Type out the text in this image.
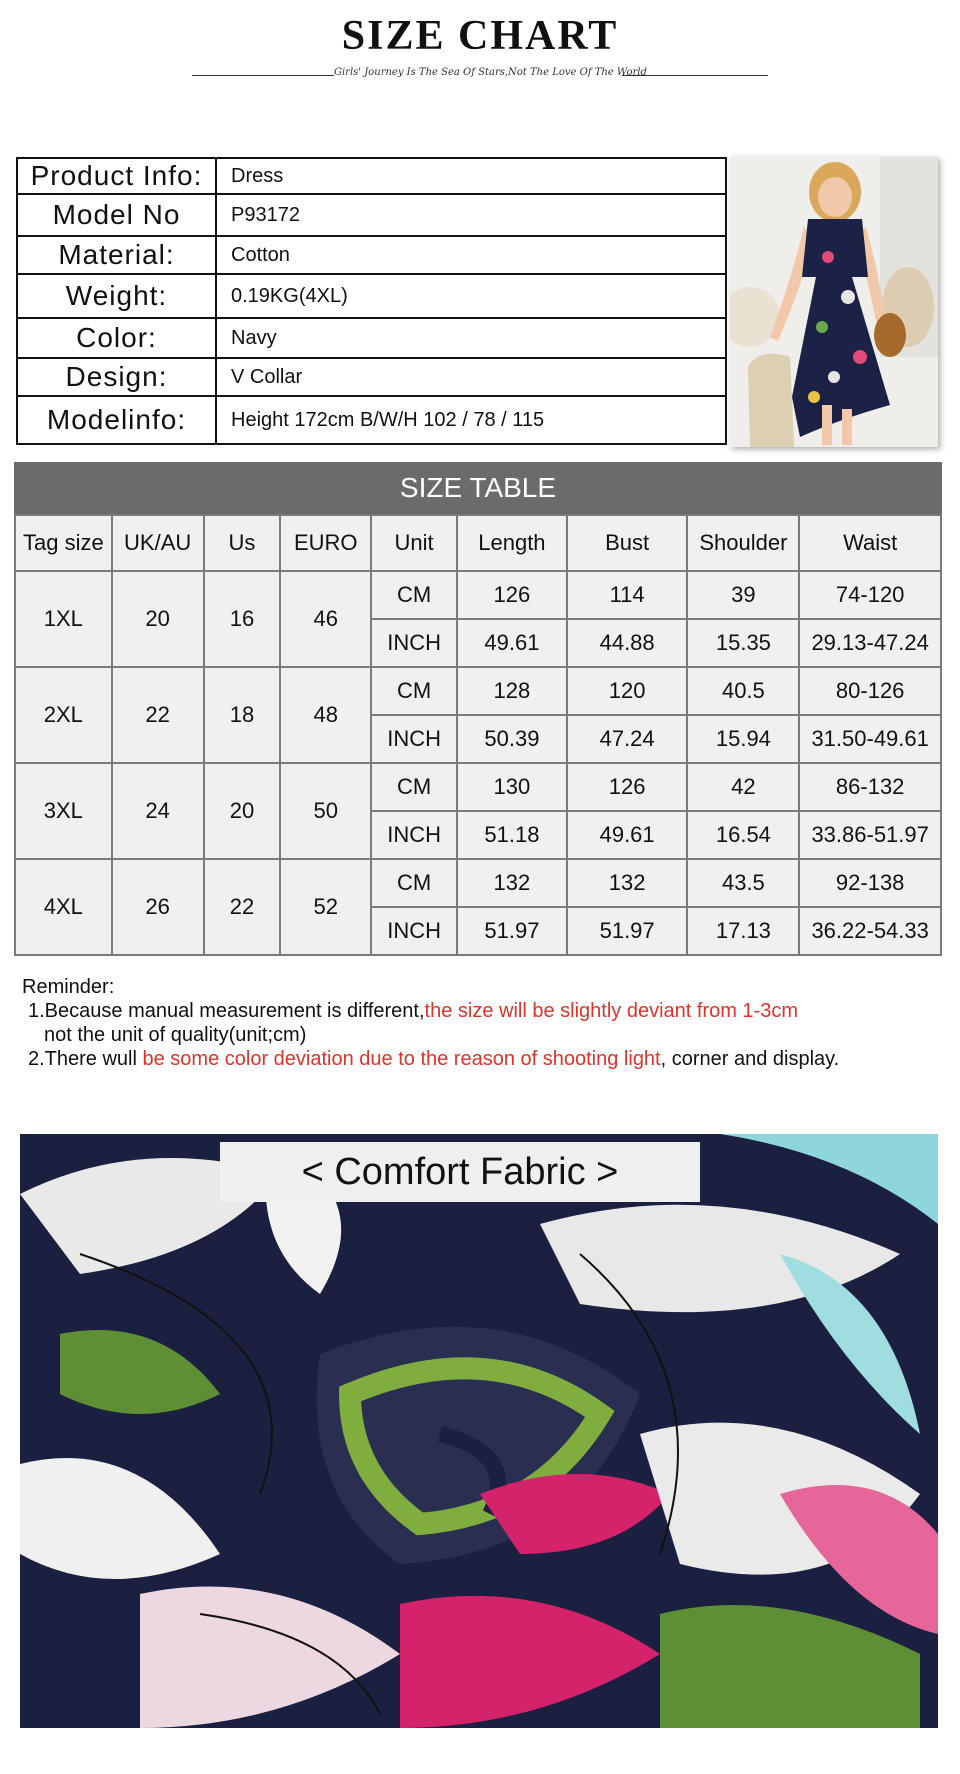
SIZE CHART
Girls' Journey Is The Sea Of Stars,Not The Love Of The World
Product Info:	Dress
Model No	P93172
Material:	Cotton
Weight:	0.19KG(4XL)
Color:	Navy
Design:	V Collar
Modelinfo:	Height 172cm B/W/H 102 / 78 / 115
SIZE TABLE
Tag size	UK/AU	Us	EURO	Unit	Length	Bust	Shoulder	Waist
1XL	20	16	46	CM	126	114	39	74-120
				INCH	49.61	44.88	15.35	29.13-47.24
2XL	22	18	48	CM	128	120	40.5	80-126
				INCH	50.39	47.24	15.94	31.50-49.61
3XL	24	20	50	CM	130	126	42	86-132
				INCH	51.18	49.61	16.54	33.86-51.97
4XL	26	22	52	CM	132	132	43.5	92-138
				INCH	51.97	51.97	17.13	36.22-54.33
Reminder:
1.Because manual measurement is different,the size will be slightly deviant from 1-3cm
not the unit of quality(unit;cm)
2.There wull be some color deviation due to the reason of shooting light, corner and display.
< Comfort Fabric >
